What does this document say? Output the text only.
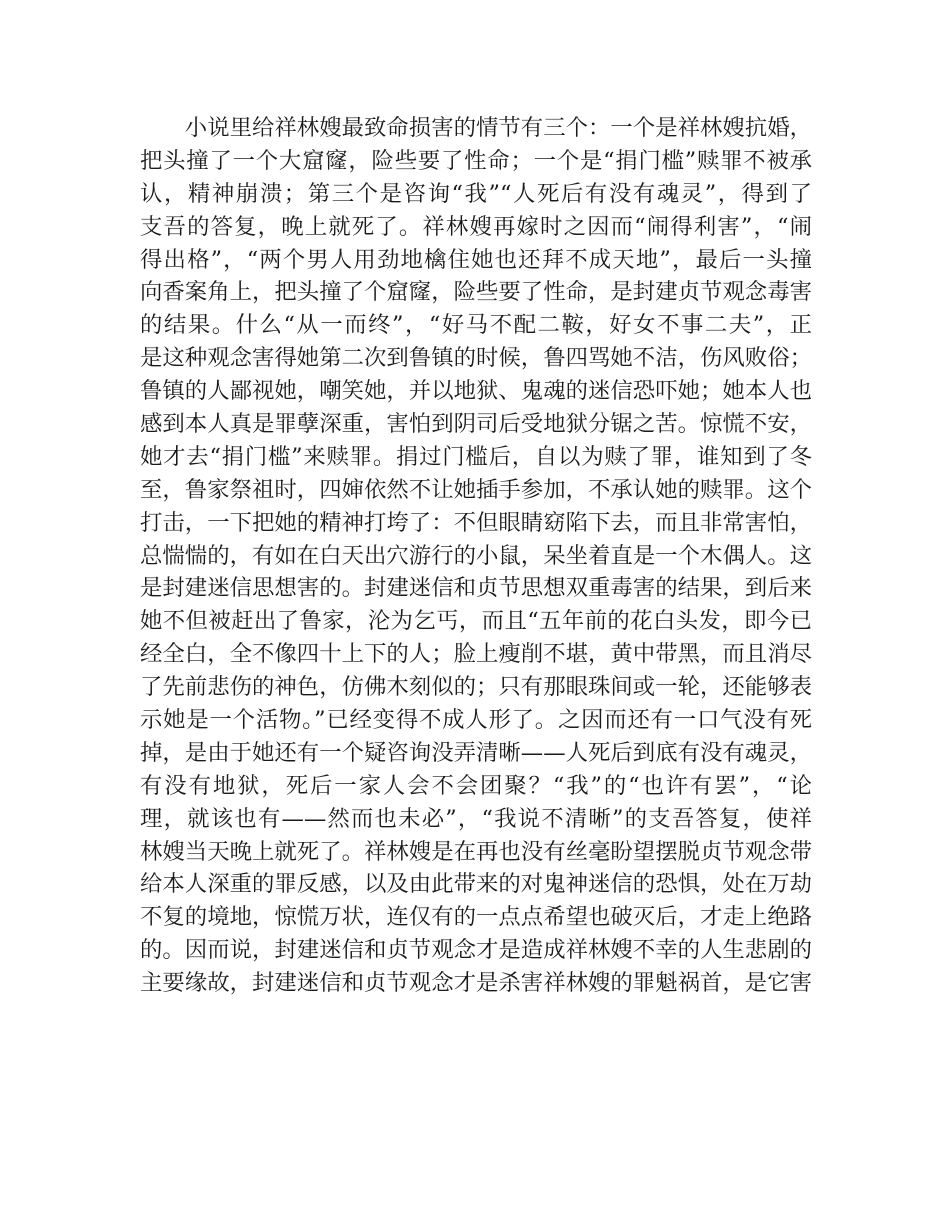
小说里给祥林嫂最致命损害的情节有三个：一个是祥林嫂抗婚，
把头撞了一个大窟窿，险些要了性命；一个是“捐门槛”赎罪不被承
认，精神崩溃；第三个是咨询“我”“人死后有没有魂灵”，得到了
支吾的答复，晚上就死了。祥林嫂再嫁时之因而“闹得利害”，“闹
得出格”，“两个男人用劲地檎住她也还拜不成天地”，最后一头撞
向香案角上，把头撞了个窟窿，险些要了性命，是封建贞节观念毒害
的结果。什么“从一而终”，“好马不配二鞍，好女不事二夫”，正
是这种观念害得她第二次到鲁镇的时候，鲁四骂她不洁，伤风败俗；
鲁镇的人鄙视她，嘲笑她，并以地狱、鬼魂的迷信恐吓她；她本人也
感到本人真是罪孽深重，害怕到阴司后受地狱分锯之苦。惊慌不安，
她才去“捐门槛”来赎罪。捐过门槛后，自以为赎了罪，谁知到了冬
至，鲁家祭祖时，四婶依然不让她插手参加，不承认她的赎罪。这个
打击，一下把她的精神打垮了：不但眼睛窈陷下去，而且非常害怕，
总惴惴的，有如在白天出穴游行的小鼠，呆坐着直是一个木偶人。这
是封建迷信思想害的。封建迷信和贞节思想双重毒害的结果，到后来
她不但被赶出了鲁家，沦为乞丐，而且“五年前的花白头发，即今已
经全白，全不像四十上下的人；脸上瘦削不堪，黄中带黑，而且消尽
了先前悲伤的神色，仿佛木刻似的；只有那眼珠间或一轮，还能够表
示她是一个活物。”已经变得不成人形了。之因而还有一口气没有死
掉，是由于她还有一个疑咨询没弄清晰——人死后到底有没有魂灵，
有没有地狱，死后一家人会不会团聚？“我”的“也许有罢”，“论
理，就该也有——然而也未必”，“我说不清晰”的支吾答复，使祥
林嫂当天晚上就死了。祥林嫂是在再也没有丝毫盼望摆脱贞节观念带
给本人深重的罪反感，以及由此带来的对鬼神迷信的恐惧，处在万劫
不复的境地，惊慌万状，连仅有的一点点希望也破灭后，才走上绝路
的。因而说，封建迷信和贞节观念才是造成祥林嫂不幸的人生悲剧的
主要缘故，封建迷信和贞节观念才是杀害祥林嫂的罪魁祸首，是它害
